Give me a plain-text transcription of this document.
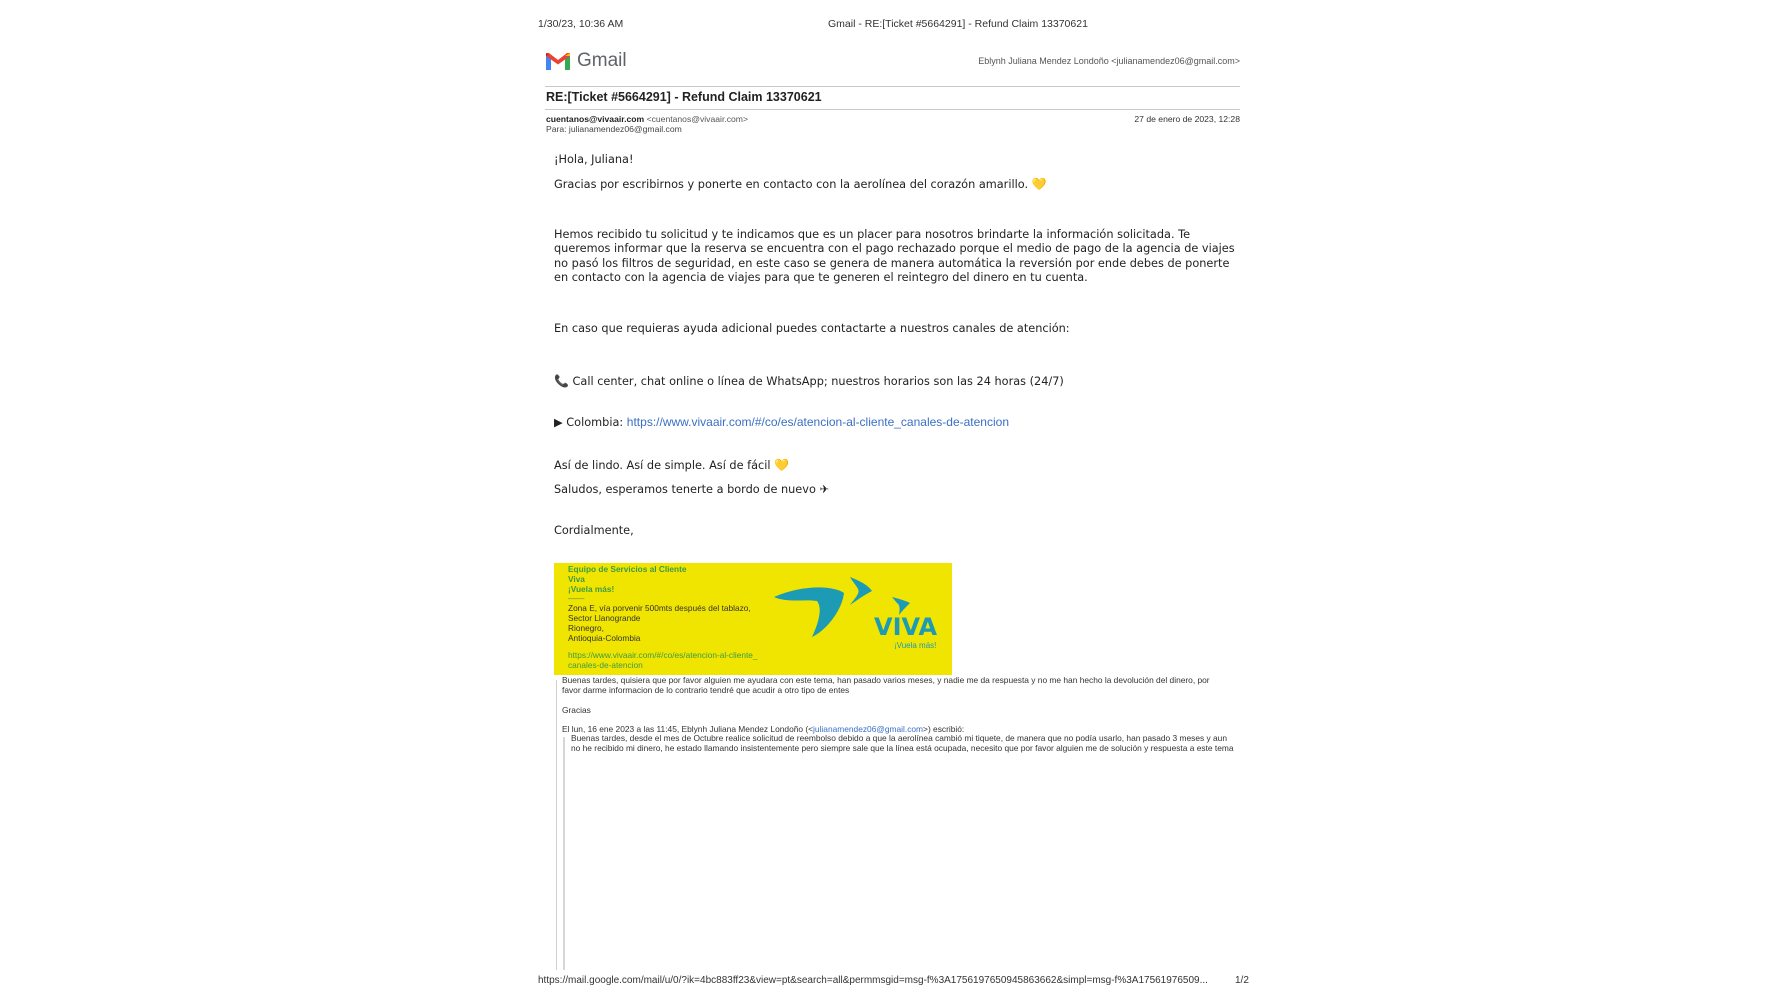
1/30/23, 10:36 AM	Gmail - RE:[Ticket #5664291] - Refund Claim 13370621
Gmail	Eblynh Juliana Mendez Londoño <julianamendez06@gmail.com>
RE:[Ticket #5664291] - Refund Claim 13370621
cuentanos@vivaair.com <cuentanos@vivaair.com>
Para: julianamendez06@gmail.com
27 de enero de 2023, 12:28
¡Hola, Juliana!
Gracias por escribirnos y ponerte en contacto con la aerolínea del corazón amarillo. 💛
Hemos recibido tu solicitud y te indicamos que es un placer para nosotros brindarte la información solicitada. Te queremos informar que la reserva se encuentra con el pago rechazado porque el medio de pago de la agencia de viajes no pasó los filtros de seguridad, en este caso se genera de manera automática la reversión por ende debes de ponerte en contacto con la agencia de viajes para que te generen el reintegro del dinero en tu cuenta.
En caso que requieras ayuda adicional puedes contactarte a nuestros canales de atención:
📞 Call center, chat online o línea de WhatsApp; nuestros horarios son las 24 horas (24/7)
▶ Colombia: https://www.vivaair.com/#/co/es/atencion-al-cliente_canales-de-atencion
Así de lindo. Así de simple. Así de fácil 💛
Saludos, esperamos tenerte a bordo de nuevo ✈
Cordialmente,
Equipo de Servicios al Cliente
Viva
¡Vuela más!
——
Zona E, vía porvenir 500mts después del tablazo,
Sector Llanogrande
Rionegro,
Antioquia-Colombia
https://www.vivaair.com/#/co/es/atencion-al-cliente_
canales-de-atencion
VIVA
¡Vuela más!
Buenas tardes, quisiera que por favor alguien me ayudara con este tema, han pasado varios meses, y nadie me da respuesta y no me han hecho la devolución del dinero, por favor darme informacion de lo contrario tendré que acudir a otro tipo de entes
Gracias
El lun, 16 ene 2023 a las 11:45, Eblynh Juliana Mendez Londoño (<julianamendez06@gmail.com>) escribió:
Buenas tardes, desde el mes de Octubre realice solicitud de reembolso debido a que la aerolínea cambió mi tiquete, de manera que no podía usarlo, han pasado 3 meses y aun no he recibido mi dinero, he estado llamando insistentemente pero siempre sale que la línea está ocupada, necesito que por favor alguien me de solución y respuesta a este tema
https://mail.google.com/mail/u/0/?ik=4bc883ff23&view=pt&search=all&permmsgid=msg-f%3A1756197650945863662&simpl=msg-f%3A17561976509...	1/2
